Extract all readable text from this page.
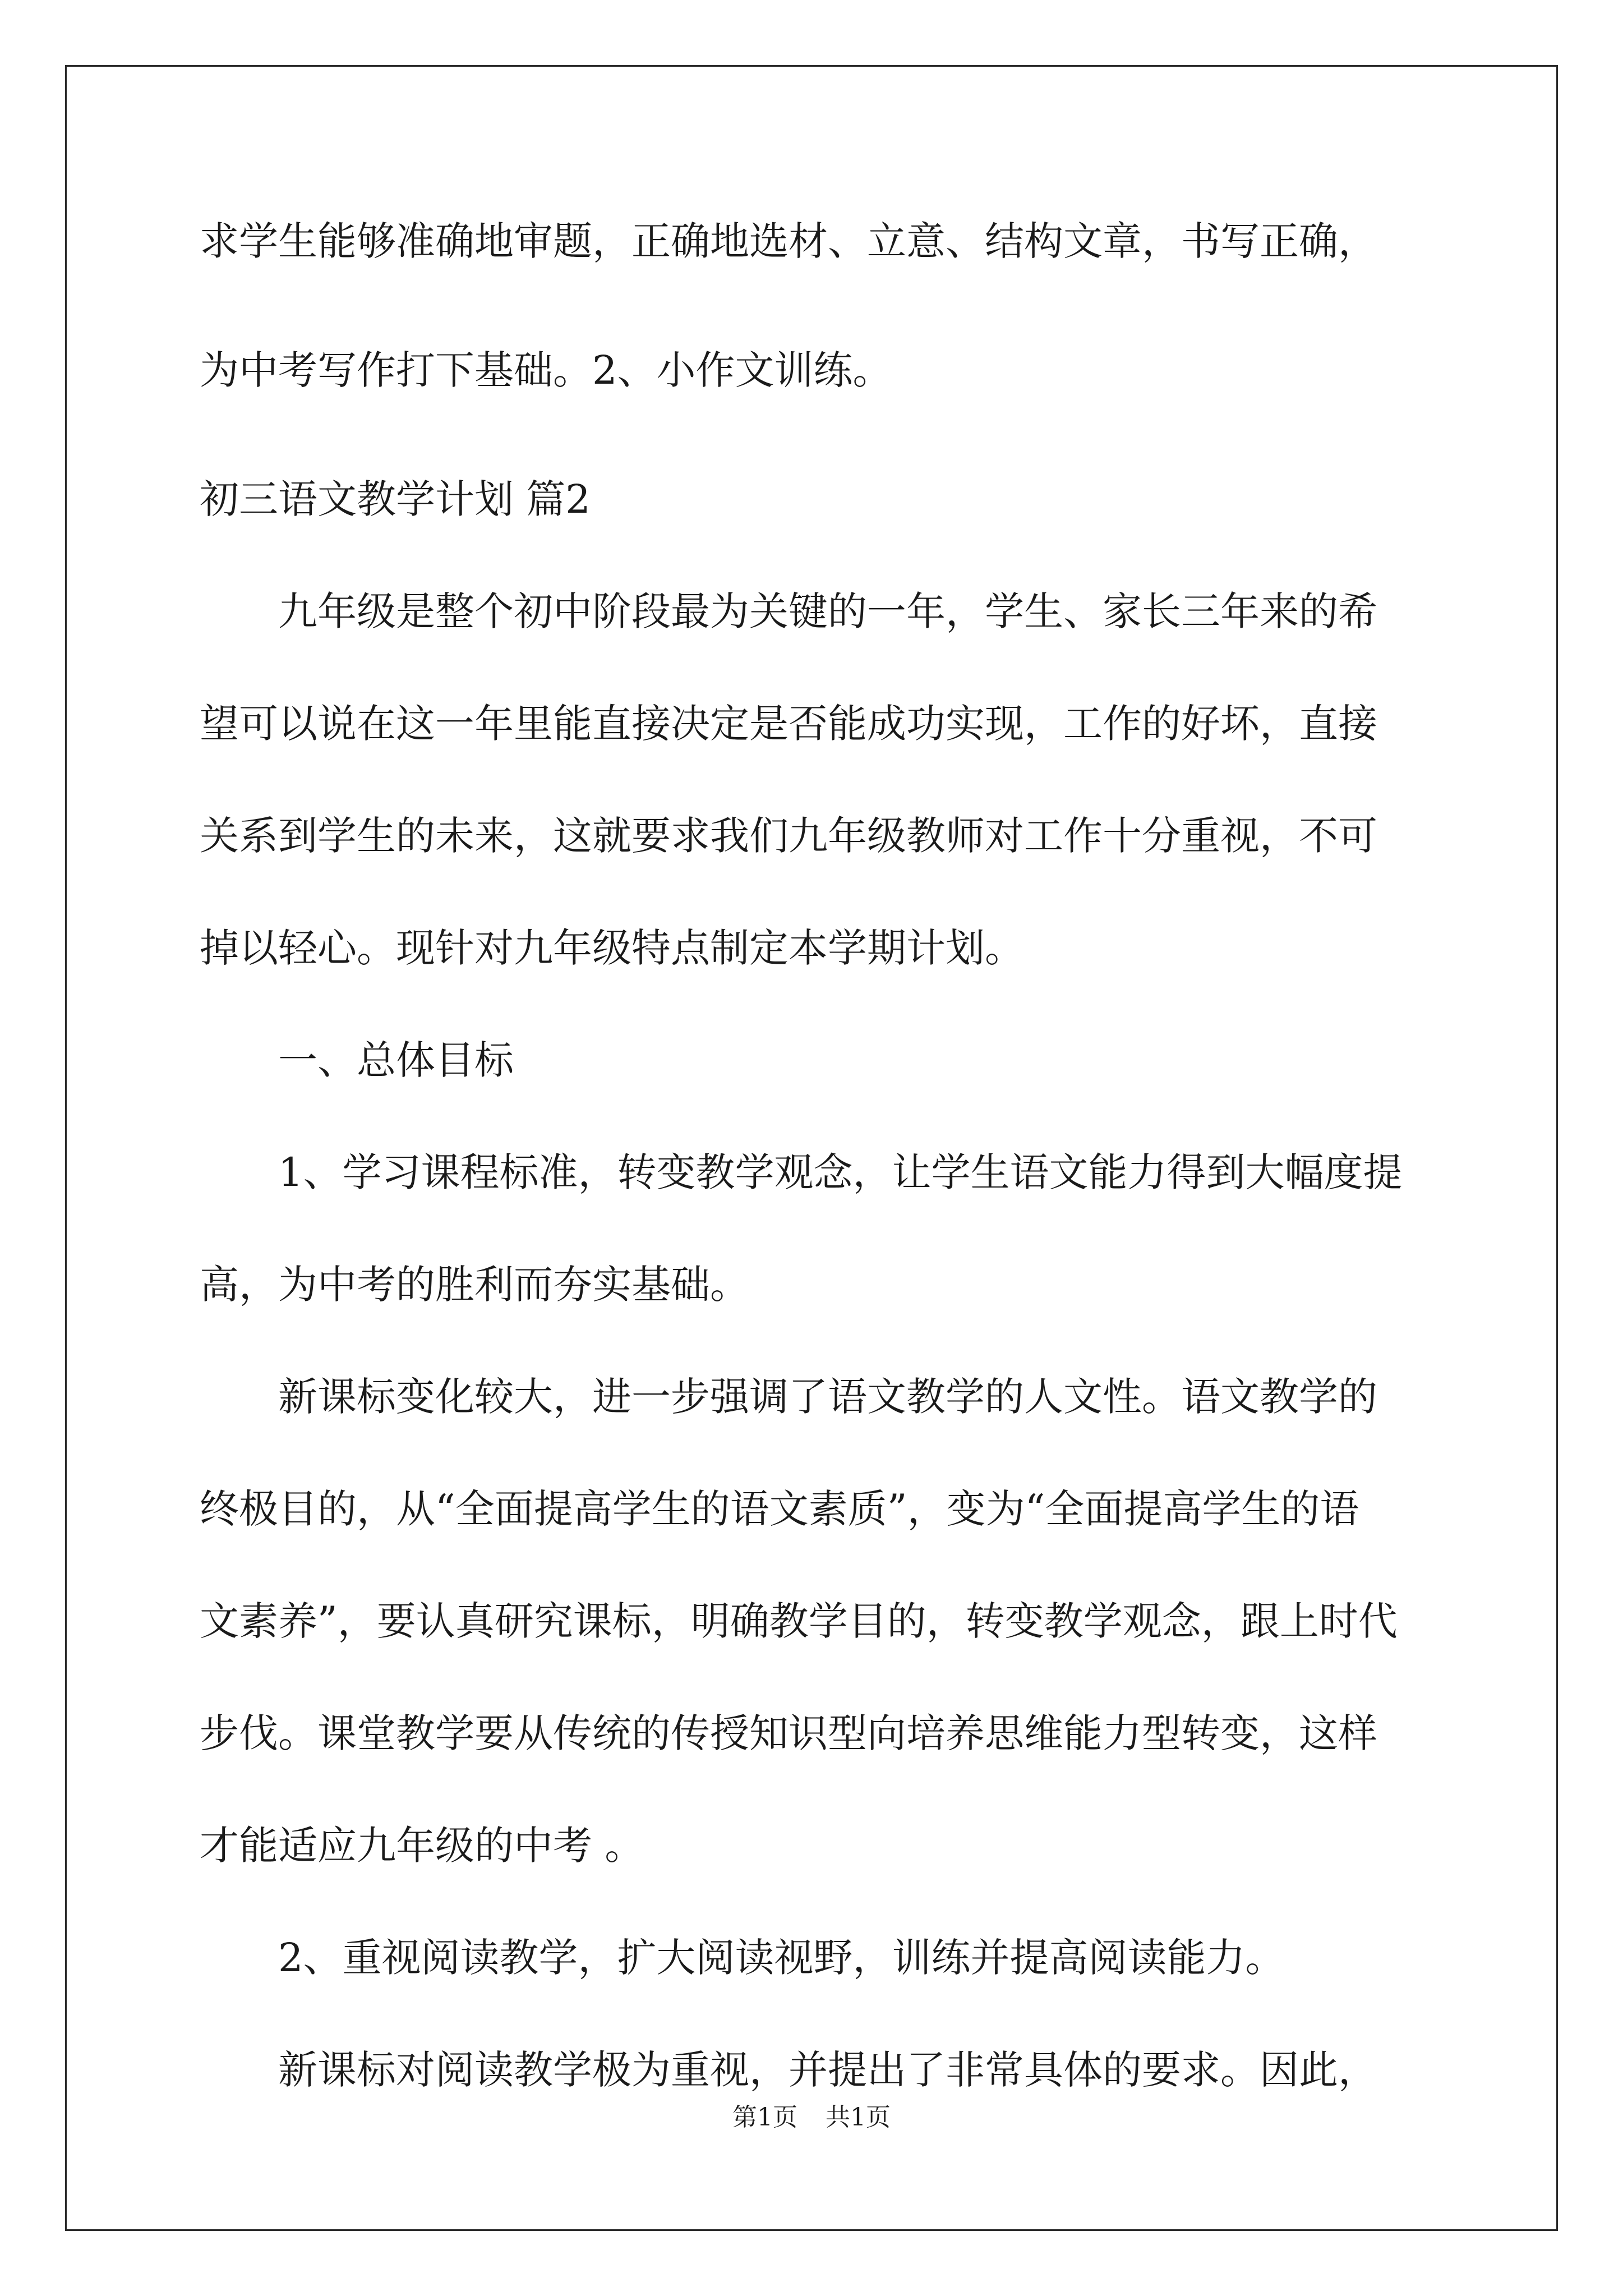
求学生能够准确地审题，正确地选材、立意、结构文章，书写正确，
为中考写作打下基础。2、小作文训练。
初三语文教学计划 篇2
九年级是整个初中阶段最为关键的一年，学生、家长三年来的希
望可以说在这一年里能直接决定是否能成功实现，工作的好坏，直接
关系到学生的未来，这就要求我们九年级教师对工作十分重视，不可
掉以轻心。现针对九年级特点制定本学期计划。
一、总体目标
1、学习课程标准，转变教学观念，让学生语文能力得到大幅度提
高，为中考的胜利而夯实基础。
新课标变化较大，进一步强调了语文教学的人文性。语文教学的
终极目的，从“全面提高学生的语文素质”，变为“全面提高学生的语
文素养”，要认真研究课标，明确教学目的，转变教学观念，跟上时代
步伐。课堂教学要从传统的传授知识型向培养思维能力型转变，这样
才能适应九年级的中考 。
2、重视阅读教学，扩大阅读视野，训练并提高阅读能力。
新课标对阅读教学极为重视，并提出了非常具体的要求。因此，
第1页 共1页
